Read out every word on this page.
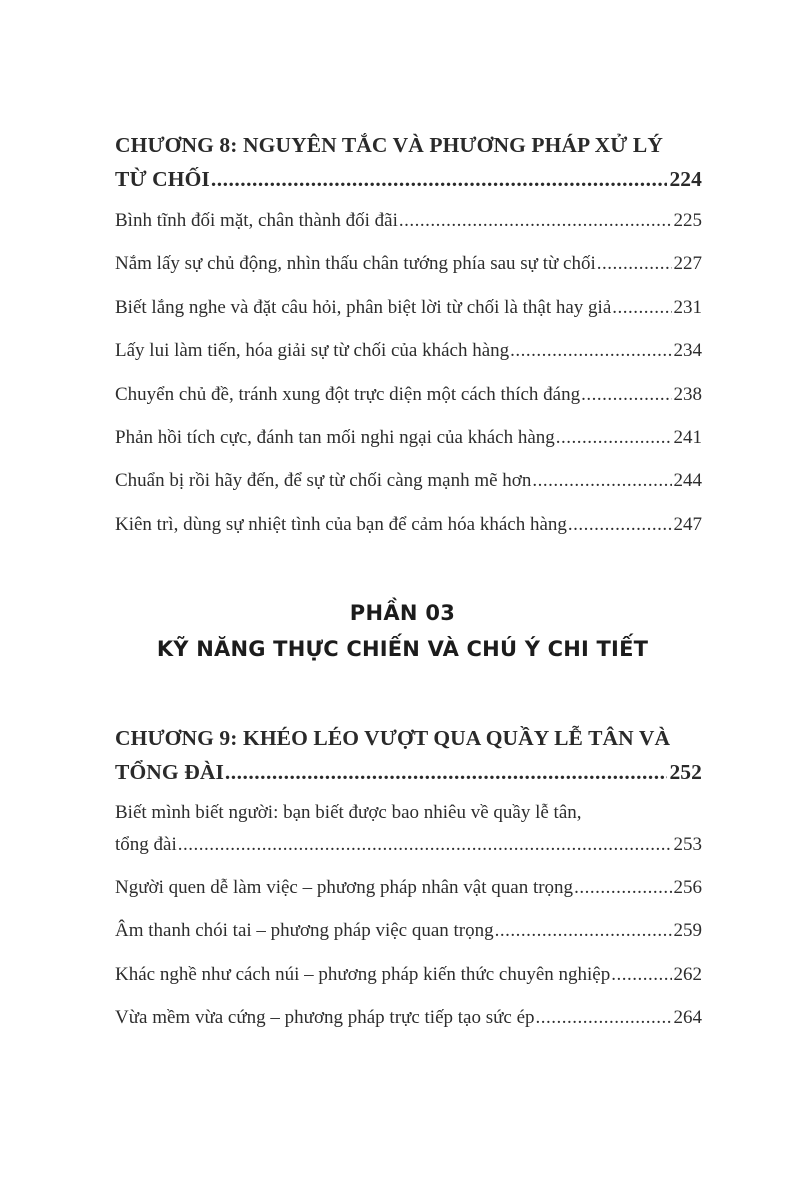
CHƯƠNG 8: NGUYÊN TẮC VÀ PHƯƠNG PHÁP XỬ LÝ
TỪ CHỐI .....	224
Bình tĩnh đối mặt, chân thành đối đãi .....	225
Nắm lấy sự chủ động, nhìn thấu chân tướng phía sau sự từ chối .....	227
Biết lắng nghe và đặt câu hỏi, phân biệt lời từ chối là thật hay giả .....	231
Lấy lui làm tiến, hóa giải sự từ chối của khách hàng .....	234
Chuyển chủ đề, tránh xung đột trực diện một cách thích đáng .....	238
Phản hồi tích cực, đánh tan mối nghi ngại của khách hàng .....	241
Chuẩn bị rồi hãy đến, để sự từ chối càng mạnh mẽ hơn .....	244
Kiên trì, dùng sự nhiệt tình của bạn để cảm hóa khách hàng .....	247
CHƯƠNG 9: KHÉO LÉO VƯỢT QUA QUẦY LỄ TÂN VÀ
TỔNG ĐÀI .....	252
Biết mình biết người: bạn biết được bao nhiêu về quầy lễ tân,
tổng đài .....	253
Người quen dễ làm việc – phương pháp nhân vật quan trọng .....	256
Âm thanh chói tai – phương pháp việc quan trọng .....	259
Khác nghề như cách núi – phương pháp kiến thức chuyên nghiệp .....	262
Vừa mềm vừa cứng – phương pháp trực tiếp tạo sức ép .....	264
PHẦN 03
KỸ NĂNG THỰC CHIẾN VÀ CHÚ Ý CHI TIẾT
